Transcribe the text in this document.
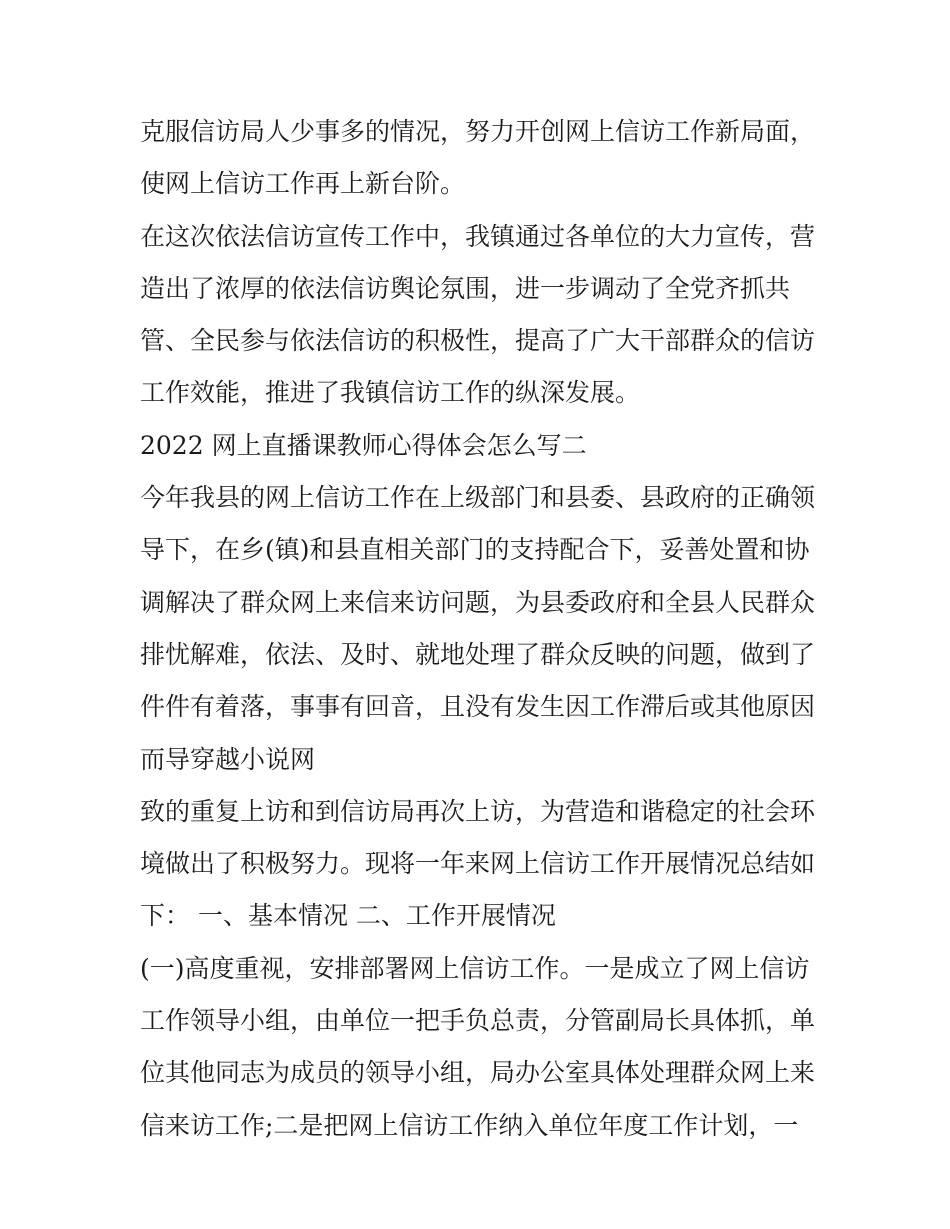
克服信访局人少事多的情况，努力开创网上信访工作新局面，
使网上信访工作再上新台阶。
在这次依法信访宣传工作中，我镇通过各单位的大力宣传，营
造出了浓厚的依法信访舆论氛围，进一步调动了全党齐抓共
管、全民参与依法信访的积极性，提高了广大干部群众的信访
工作效能，推进了我镇信访工作的纵深发展。
2022 网上直播课教师心得体会怎么写二
今年我县的网上信访工作在上级部门和县委、县政府的正确领
导下，在乡(镇)和县直相关部门的支持配合下，妥善处置和协
调解决了群众网上来信来访问题，为县委政府和全县人民群众
排忧解难，依法、及时、就地处理了群众反映的问题，做到了
件件有着落，事事有回音，且没有发生因工作滞后或其他原因
而导穿越小说网
致的重复上访和到信访局再次上访，为营造和谐稳定的社会环
境做出了积极努力。现将一年来网上信访工作开展情况总结如
下： 一、基本情况 二、工作开展情况
(一)高度重视，安排部署网上信访工作。一是成立了网上信访
工作领导小组，由单位一把手负总责，分管副局长具体抓，单
位其他同志为成员的领导小组，局办公室具体处理群众网上来
信来访工作;二是把网上信访工作纳入单位年度工作计划，一
